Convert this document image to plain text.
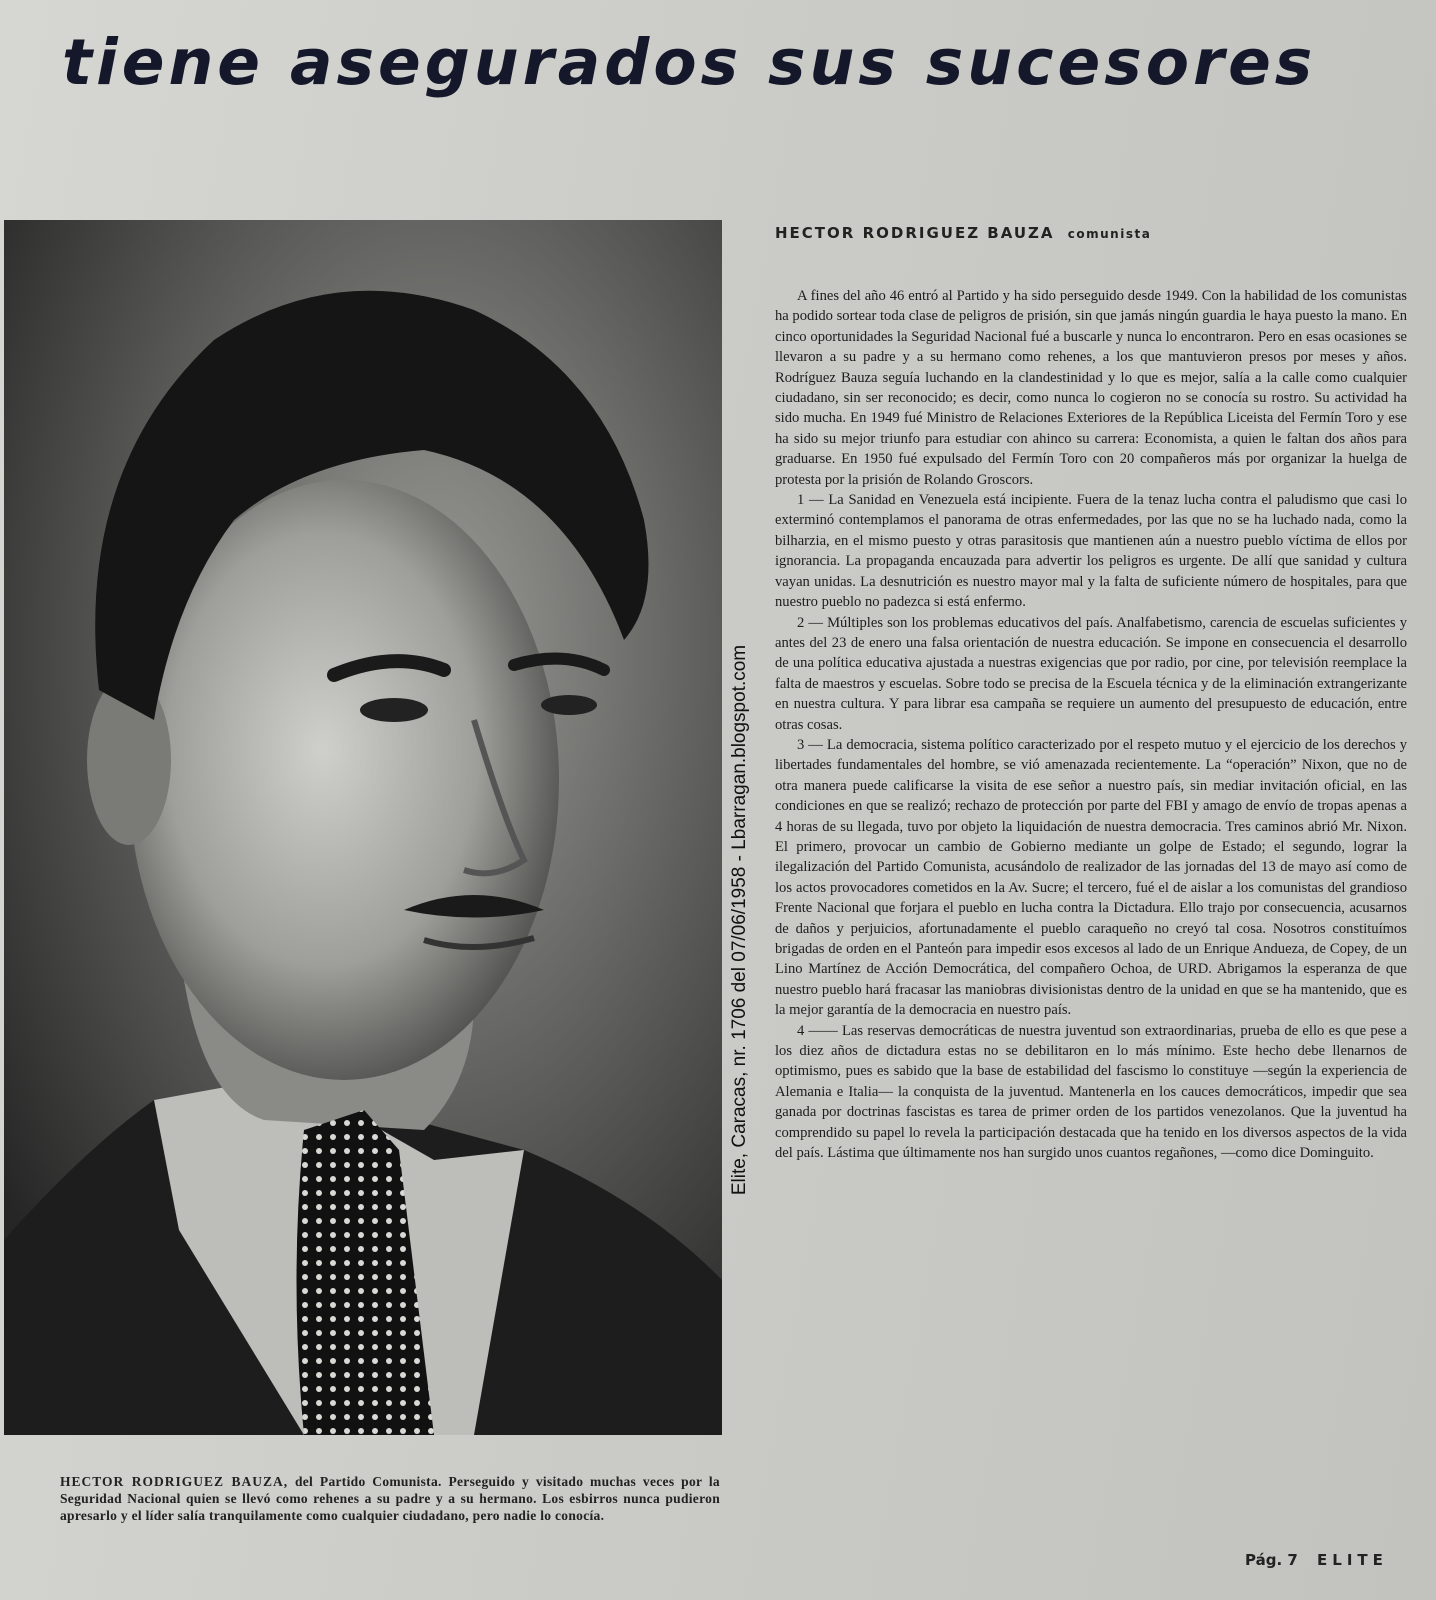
tiene asegurados sus sucesores
HECTOR RODRIGUEZ BAUZA, del Partido Comunista. Perseguido y visitado muchas veces por la Seguridad Nacional quien se llevó como rehenes a su padre y a su hermano. Los esbirros nunca pudieron apresarlo y el líder salía tranquilamente como cualquier ciudadano, pero nadie lo conocía.
Elite, Caracas, nr. 1706 del 07/06/1958 - Lbarragan.blogspot.com
HECTOR RODRIGUEZ BAUZA comunista

A fines del año 46 entró al Partido y ha sido perseguido desde 1949. Con la habilidad de los comunistas ha podido sortear toda clase de peligros de prisión, sin que jamás ningún guardia le haya puesto la mano. En cinco oportunidades la Seguridad Nacional fué a buscarle y nunca lo encontraron. Pero en esas ocasiones se llevaron a su padre y a su hermano como rehenes, a los que mantuvieron presos por meses y años. Rodríguez Bauza seguía luchando en la clandestinidad y lo que es mejor, salía a la calle como cualquier ciudadano, sin ser reconocido; es decir, como nunca lo cogieron no se conocía su rostro. Su actividad ha sido mucha. En 1949 fué Ministro de Relaciones Exteriores de la República Liceista del Fermín Toro y ese ha sido su mejor triunfo para estudiar con ahinco su carrera: Economista, a quien le faltan dos años para graduarse. En 1950 fué expulsado del Fermín Toro con 20 compañeros más por organizar la huelga de protesta por la prisión de Rolando Groscors.

1 — La Sanidad en Venezuela está incipiente. Fuera de la tenaz lucha contra el paludismo que casi lo exterminó contemplamos el panorama de otras enfermedades, por las que no se ha luchado nada, como la bilharzia, en el mismo puesto y otras parasitosis que mantienen aún a nuestro pueblo víctima de ellos por ignorancia. La propaganda encauzada para advertir los peligros es urgente. De allí que sanidad y cultura vayan unidas. La desnutrición es nuestro mayor mal y la falta de suficiente número de hospitales, para que nuestro pueblo no padezca si está enfermo.

2 — Múltiples son los problemas educativos del país. Analfabetismo, carencia de escuelas suficientes y antes del 23 de enero una falsa orientación de nuestra educación. Se impone en consecuencia el desarrollo de una política educativa ajustada a nuestras exigencias que por radio, por cine, por televisión reemplace la falta de maestros y escuelas. Sobre todo se precisa de la Escuela técnica y de la eliminación extrangerizante en nuestra cultura. Y para librar esa campaña se requiere un aumento del presupuesto de educación, entre otras cosas.

3 — La democracia, sistema político caracterizado por el respeto mutuo y el ejercicio de los derechos y libertades fundamentales del hombre, se vió amenazada recientemente. La “operación” Nixon, que no de otra manera puede calificarse la visita de ese señor a nuestro país, sin mediar invitación oficial, en las condiciones en que se realizó; rechazo de protección por parte del FBI y amago de envío de tropas apenas a 4 horas de su llegada, tuvo por objeto la liquidación de nuestra democracia. Tres caminos abrió Mr. Nixon. El primero, provocar un cambio de Gobierno mediante un golpe de Estado; el segundo, lograr la ilegalización del Partido Comunista, acusándolo de realizador de las jornadas del 13 de mayo así como de los actos provocadores cometidos en la Av. Sucre; el tercero, fué el de aislar a los comunistas del grandioso Frente Nacional que forjara el pueblo en lucha contra la Dictadura. Ello trajo por consecuencia, acusarnos de daños y perjuicios, afortunadamente el pueblo caraqueño no creyó tal cosa. Nosotros constituímos brigadas de orden en el Panteón para impedir esos excesos al lado de un Enrique Andueza, de Copey, de un Lino Martínez de Acción Democrática, del compañero Ochoa, de URD. Abrigamos la esperanza de que nuestro pueblo hará fracasar las maniobras divisionistas dentro de la unidad en que se ha mantenido, que es la mejor garantía de la democracia en nuestro país.

4 —— Las reservas democráticas de nuestra juventud son extraordinarias, prueba de ello es que pese a los diez años de dictadura estas no se debilitaron en lo más mínimo. Este hecho debe llenarnos de optimismo, pues es sabido que la base de estabilidad del fascismo lo constituye —según la experiencia de Alemania e Italia— la conquista de la juventud. Mantenerla en los cauces democráticos, impedir que sea ganada por doctrinas fascistas es tarea de primer orden de los partidos venezolanos. Que la juventud ha comprendido su papel lo revela la participación destacada que ha tenido en los diversos aspectos de la vida del país. Lástima que últimamente nos han surgido unos cuantos regañones, —como dice Dominguito.

Pág. 7 ELITE
